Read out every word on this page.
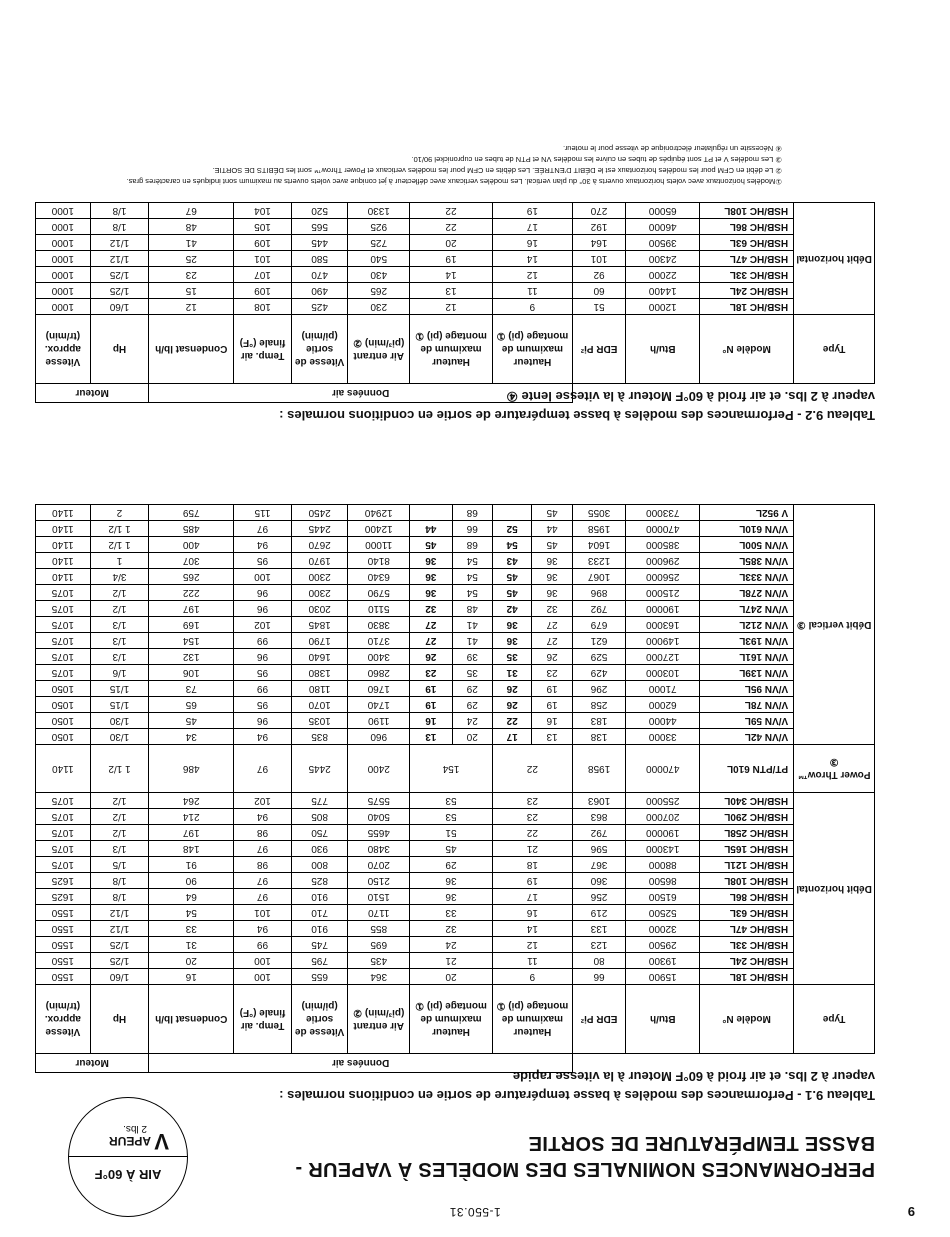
9
1-550.31
①Modèles horizontaux avec volets horizontaux ouverts à 30° du plan vertical. Les modèles verticaux avec déflecteur à jet conique avec volets ouverts au maximum sont indiqués en caractères gras.
② Le débit en CFM pour les modèles horizontaux est le DÉBIT D'ENTRÉE. Les débits en CFM pour les modèles verticaux et Power Throw™ sont les DÉBITS DE SORTIE.
③ Les modèles V et PT sont équipés de tubes en cuivre les modèles VN et PTN de tubes en cupronickel 90/10.
④ Nécessite un régulateur électronique de vitesse pour le moteur.
Tableau 9.2 - Performances des modèles à basse température de sortie en conditions normales :
vapeur à 2 lbs. et air froid à 60°F Moteur à la vitesse lente ④
				Données air						Moteur	
Type	Modèle N°	Btu/h	EDR Pi²	Hauteur maximum de montage (pi) ①	Hauteur maximum de montage (pi) ①	Air entrant (pi³/min) ②	Vitesse de sortie (pi/min)	Temp. air finale (°F)	Condensat lb/h	Hp	Vitesse approx. (tr/min)
Débit horizontal	HSB/HC 18L	12000	51	9	12	230	425	108	12	1/60	1000
	HSB/HC 24L	14400	60	11	13	265	490	109	15	1/25	1000
	HSB/HC 33L	22000	92	12	14	430	470	107	23	1/25	1000
	HSB/HC 47L	24300	101	14	19	540	580	101	25	1/12	1000
	HSB/HC 63L	39500	164	16	20	725	445	109	41	1/12	1000
	HSB/HC 86L	46000	192	17	22	925	565	105	48	1/8	1000
	HSB/HC 108L	65000	270	19	22	1330	520	104	67	1/8	1000
Tableau 9.1 - Performances des modèles à basse température de sortie en conditions normales :
vapeur à 2 lbs. et air froid à 60°F Moteur à la vitesse rapide
PERFORMANCES NOMINALES DES MODÈLES À VAPEUR -
BASSE TEMPÉRATURE DE SORTIE
AIR À 60°F
V
APEUR
2 lbs.
				Données air								Moteur	
Type	Modèle N°	Btu/h	EDR Pi²	Hauteur maximum de montage (pi) ①		Hauteur maximum de montage (pi) ①		Air entrant (pi³/min) ②	Vitesse de sortie (pi/min)	Temp. air finale (°F)	Condensat lb/h	Hp	Vitesse approx. (tr/min)
Débit horizontal	HSB/HC 18L	15900	66	9		20		364	655	100	16	1/60	1550
	HSB/HC 24L	19300	80	11		21		435	795	100	20	1/25	1550
	HSB/HC 33L	29500	123	12		24		695	745	99	31	1/25	1550
	HSB/HC 47L	32000	133	14		32		855	910	94	33	1/12	1550
	HSB/HC 63L	52500	219	16		33		1170	710	101	54	1/12	1550
	HSB/HC 86L	61500	256	17		36		1510	910	97	64	1/8	1625
	HSB/HC 108L	86500	360	19		36		2150	825	97	90	1/8	1625
	HSB/HC 121L	88000	367	18		29		2070	800	98	91	1/5	1075
	HSB/HC 165L	143000	596	21		45		3480	930	97	148	1/3	1075
	HSB/HC 258L	190000	792	22		51		4655	750	98	197	1/2	1075
	HSB/HC 290L	207000	863	23		53		5040	805	94	214	1/2	1075
	HSB/HC 340L	255000	1063	23		53		5575	775	102	264	1/2	1075
Power Throw™ ③	PT/PTN 610L	470000	1958	22		154		2400	2445	97	486	1 1/2	1140
Débit vertical ③	V/VN 42L	33000	138	13	17	20	13	960	835	94	34	1/30	1050
	V/VN 59L	44000	183	16	22	24	16	1190	1035	96	45	1/30	1050
	V/VN 78L	62000	258	19	26	29	19	1740	1070	95	65	1/15	1050
	V/VN 95L	71000	296	19	26	29	19	1760	1180	99	73	1/15	1050
	V/VN 139L	103000	429	23	31	35	23	2860	1380	95	106	1/6	1075
	V/VN 161L	127000	529	26	35	39	26	3400	1640	96	132	1/3	1075
	V/VN 193L	149000	621	27	36	41	27	3710	1790	99	154	1/3	1075
	V/VN 212L	163000	679	27	36	41	27	3830	1845	102	169	1/3	1075
	V/VN 247L	190000	792	32	42	48	32	5110	2030	96	197	1/2	1075
	V/VN 278L	215000	896	36	45	54	36	5790	2300	96	222	1/2	1075
	V/VN 333L	256000	1067	36	45	54	36	6340	2300	100	265	3/4	1140
	V/VN 385L	296000	1233	36	43	54	36	8140	1970	95	307	1	1140
	V/VN 500L	385000	1604	45	54	68	45	11000	2670	94	400	1 1/2	1140
	V/VN 610L	470000	1958	44	52	66	44	12400	2445	97	485	1 1/2	1140
	V 952L	733000	3055	45		68		12940	2450	115	759	2	1140
